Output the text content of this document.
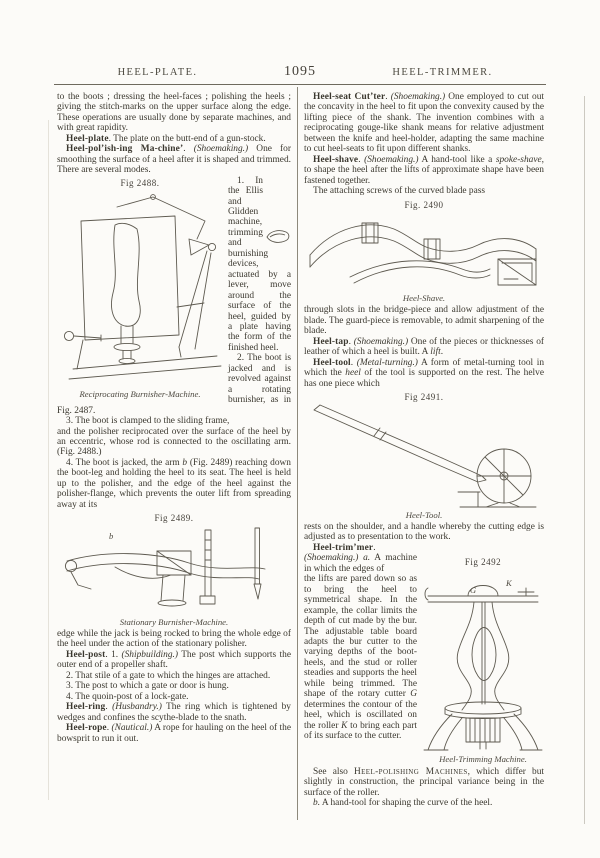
HEEL-PLATE.	1095	HEEL-TRIMMER.

to the boots ; dressing the heel-faces ; polishing the heels ; giving the stitch-marks on the upper surface along the edge. These operations are usually done by separate machines, and with great rapidity.

Heel-plate. The plate on the butt-end of a gun-stock.

Heel-pol’ish-ing Ma-chine’. (Shoemaking.) One for smoothing the surface of a heel after it is shaped and trimmed. There are several modes.

Fig 2488.
Reciprocating Burnisher-Machine.

1. In the Ellis and Glidden machine, trimming and burnishing devices, actuated by a lever, move around the surface of the heel, guided by a plate having the form of the finished heel.

2. The boot is jacked and is revolved against a rotating burnisher, as in Fig. 2487.

3. The boot is clamped to the sliding frame,

and the polisher reciprocated over the surface of the heel by an eccentric, whose rod is connected to the oscillating arm. (Fig. 2488.)

4. The boot is jacked, the arm b (Fig. 2489) reaching down the boot-leg and holding the heel to its seat. The heel is held up to the polisher, and the edge of the heel against the polisher-flange, which prevents the outer lift from spreading away at its

Fig 2489.
b
Stationary Burnisher-Machine.

edge while the jack is being rocked to bring the whole edge of the heel under the action of the stationary polisher.

Heel-post. 1. (Shipbuilding.) The post which supports the outer end of a propeller shaft.

2. That stile of a gate to which the hinges are attached.

3. The post to which a gate or door is hung.

4. The quoin-post of a lock-gate.

Heel-ring. (Husbandry.) The ring which is tightened by wedges and confines the scythe-blade to the snath.

Heel-rope. (Nautical.) A rope for hauling on the heel of the bowsprit to run it out.

Heel-seat Cut’ter. (Shoemaking.) One employed to cut out the concavity in the heel to fit upon the convexity caused by the lifting piece of the shank. The invention combines with a reciprocating gouge-like shank means for relative adjustment between the knife and heel-holder, adapting the same machine to cut heel-seats to fit upon different shanks.

Heel-shave. (Shoemaking.) A hand-tool like a spoke-shave, to shape the heel after the lifts of approximate shape have been fastened together.

The attaching screws of the curved blade pass

Fig. 2490
Heel-Shave.

through slots in the bridge-piece and allow adjustment of the blade. The guard-piece is removable, to admit sharpening of the blade.

Heel-tap. (Shoemaking.) One of the pieces or thicknesses of leather of which a heel is built. A lift.

Heel-tool. (Metal-turning.) A form of metal-turning tool in which the heel of the tool is supported on the rest. The helve has one piece which

Fig 2491.
Heel-Tool.

rests on the shoulder, and a handle whereby the cutting edge is adjusted as to presentation to the work.

Fig 2492
G
K
Heel-Trimming Machine.

Heel-trim’mer. (Shoemaking.) a. A machine in which the edges of

the lifts are pared down so as to bring the heel to symmetrical shape. In the example, the collar limits the depth of cut made by the bur. The adjustable table board adapts the bur cutter to the varying depths of the boot-heels, and the stud or roller steadies and supports the heel while being trimmed. The shape of the rotary cutter G determines the contour of the heel, which is oscillated on the roller K to bring each part of its surface to the cutter.

See also Heel-polishing Machines, which differ but slightly in construction, the principal variance being in the surface of the roller.

b. A hand-tool for shaping the curve of the heel.
